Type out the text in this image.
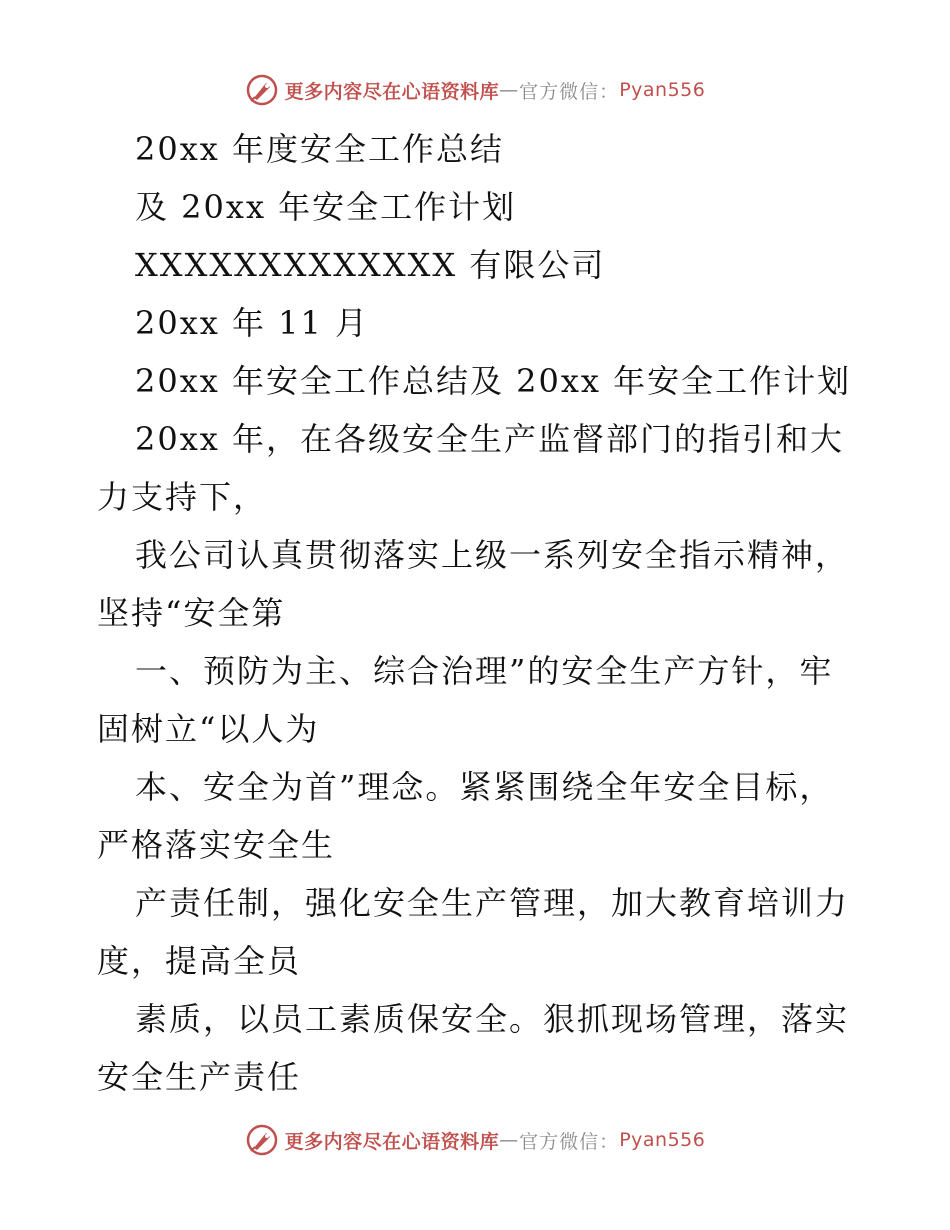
更多内容尽在心语资料库 — 官方微信： Pyan556
20xx 年度安全工作总结
及 20xx 年安全工作计划
XXXXXXXXXXXXX 有限公司
20xx 年 11 月
20xx 年安全工作总结及 20xx 年安全工作计划
20xx 年，在各级安全生产监督部门的指引和大
力支持下，
我公司认真贯彻落实上级一系列安全指示精神，
坚持“安全第
一、预防为主、综合治理”的安全生产方针，牢
固树立“以人为
本、安全为首”理念。紧紧围绕全年安全目标，
严格落实安全生
产责任制，强化安全生产管理，加大教育培训力
度，提高全员
素质，以员工素质保安全。狠抓现场管理，落实
安全生产责任
更多内容尽在心语资料库 — 官方微信： Pyan556
